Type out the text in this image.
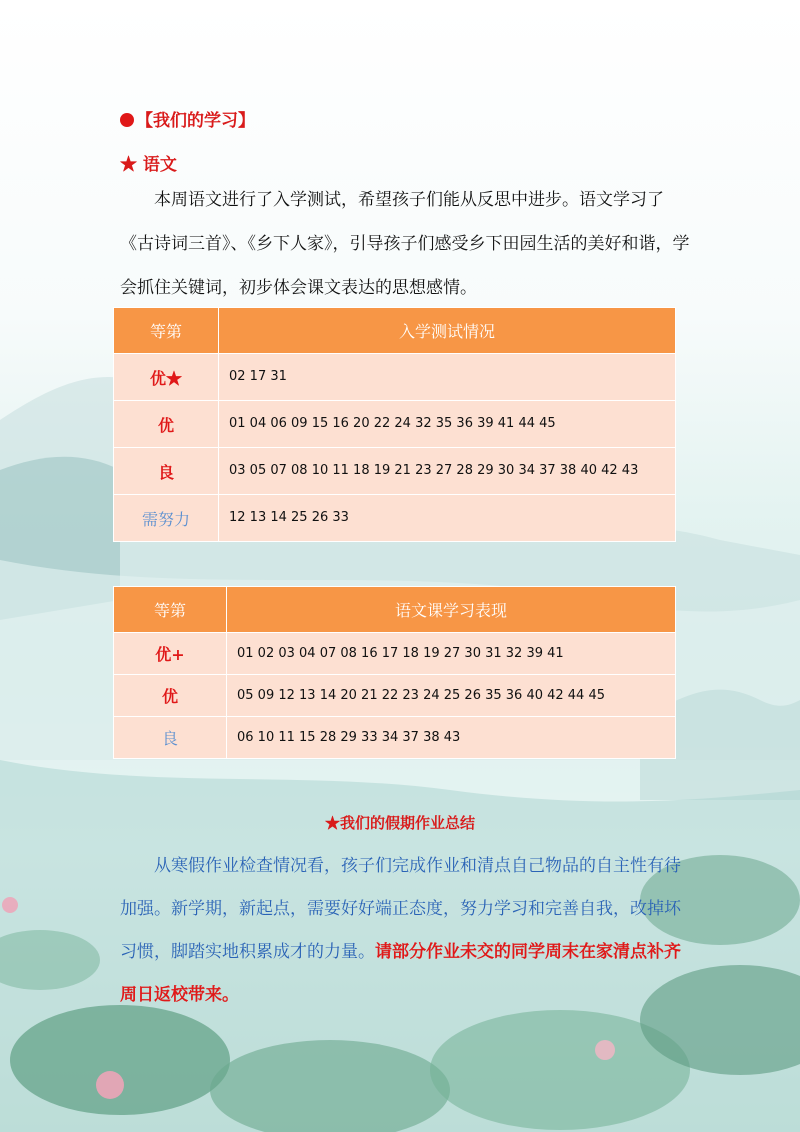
【我们的学习】
★ 语文

本周语文进行了入学测试，希望孩子们能从反思中进步。语文学习了《古诗词三首》、《乡下人家》，引导孩子们感受乡下田园生活的美好和谐，学会抓住关键词，初步体会课文表达的思想感情。

等第	入学测试情况
优★	02 17 31
优	01 04 06 09 15 16 20 22 24 32 35 36 39 41 44 45
良	03 05 07 08 10 11 18 19 21 23 27 28 29 30 34 37 38 40 42 43
需努力	12 13 14 25 26 33
等第	语文课学习表现
优+	01 02 03 04 07 08 16 17 18 19 27 30 31 32 39 41
优	05 09 12 13 14 20 21 22 23 24 25 26 35 36 40 42 44 45
良	06 10 11 15 28 29 33 34 37 38 43
★我们的假期作业总结

从寒假作业检查情况看，孩子们完成作业和清点自己物品的自主性有待加强。新学期，新起点，需要好好端正态度，努力学习和完善自我，改掉坏习惯，脚踏实地积累成才的力量。请部分作业未交的同学周末在家清点补齐周日返校带来。
